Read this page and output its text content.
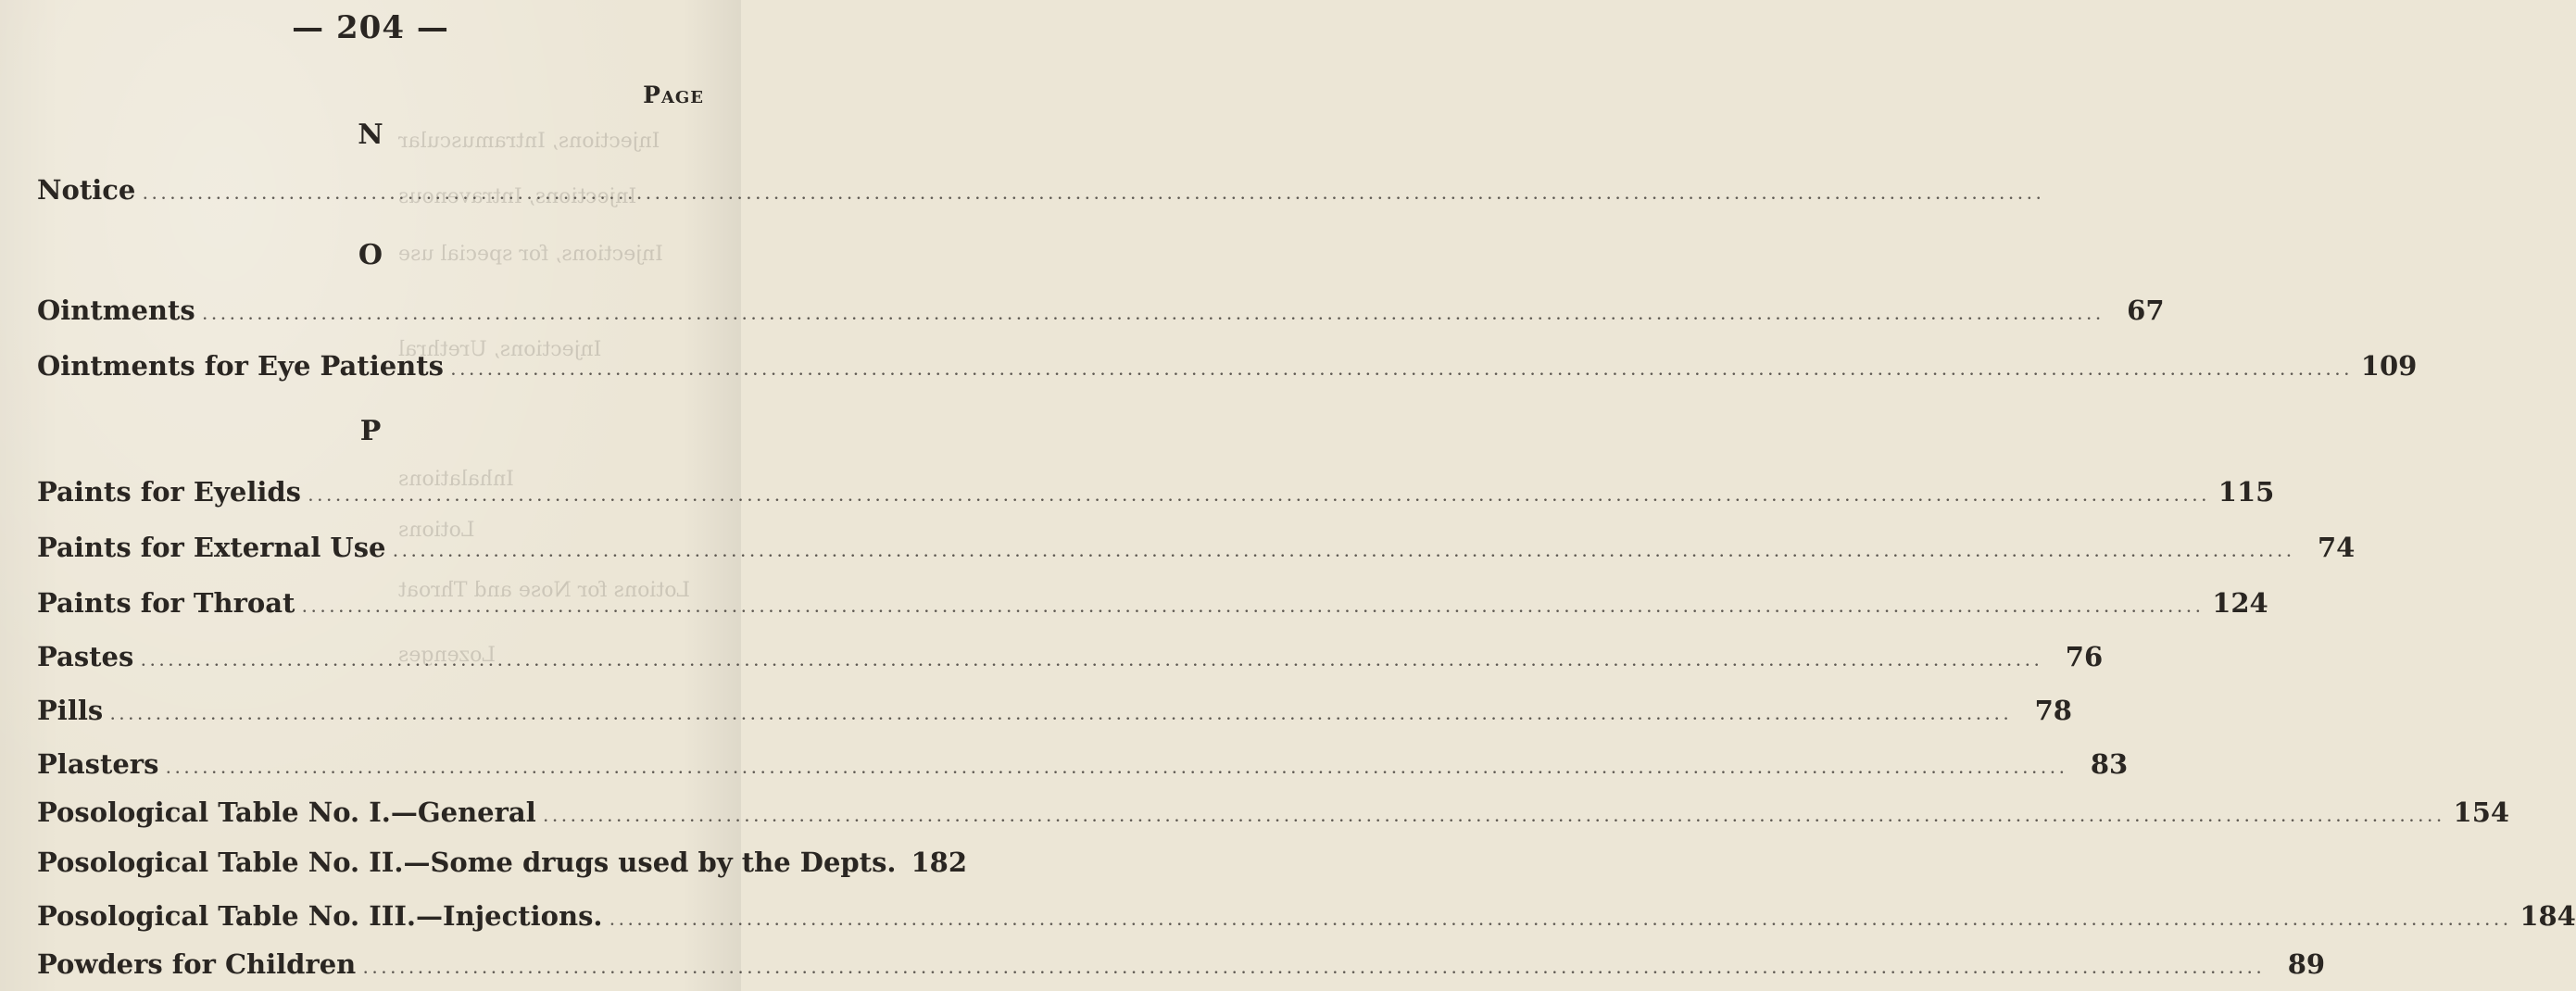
— 204 —
Page
Injections, Intramuscular
Injections, Intravenous
Injections, for special use
Injections, Urethral
Inhalations
Lotions
Lotions for Nose and Throat
Lozenges
N
Notice
.....
O
Ointments .....	67
Ointments for Eye Patients .....	109
P
Paints for Eyelids .....	115
Paints for External Use .....	74
Paints for Throat .....	124
Pastes .....	76
Pills .....	78
Plasters .....	83
Posological Table No. I.—General .....	154
Posological Table No. II.—Some drugs used by the Depts. 182
Posological Table No. III.—Injections. .....	184
Powders for Children .....	89
